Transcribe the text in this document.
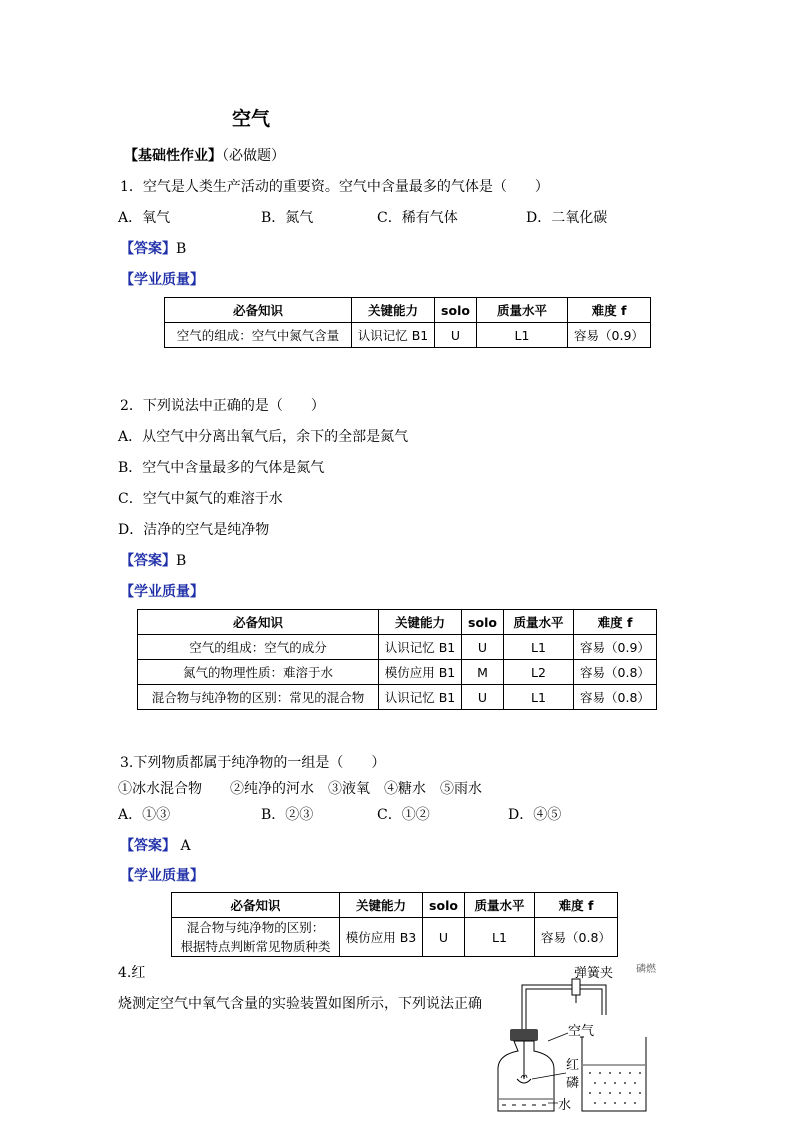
空气
【基础性作业】（必做题）
1．空气是人类生产活动的重要资。空气中含量最多的气体是（　　）
A．氧气	B．氮气	C．稀有气体	D．二氧化碳
【答案】B
【学业质量】
必备知识	关键能力	solo	质量水平	难度 f
空气的组成：空气中氮气含量	认识记忆 B1	U	L1	容易（0.9）
2．下列说法中正确的是（　　）
A．从空气中分离出氧气后，余下的全部是氮气
B．空气中含量最多的气体是氮气
C．空气中氮气的难溶于水
D．洁净的空气是纯净物
【答案】B
【学业质量】
必备知识	关键能力	solo	质量水平	难度 f
空气的组成：空气的成分	认识记忆 B1	U	L1	容易（0.9）
氮气的物理性质：难溶于水	模仿应用 B1	M	L2	容易（0.8）
混合物与纯净物的区别：常见的混合物	认识记忆 B1	U	L1	容易（0.8）
3.下列物质都属于纯净物的一组是（　　）
①冰水混合物　　②纯净的河水　③液氧　④糖水　⑤雨水
A．①③	B．②③	C．①②	D．④⑤
【答案】 A
【学业质量】
必备知识	关键能力	solo	质量水平	难度 f
混合物与纯净物的区别：
根据特点判断常见物质种类	模仿应用 B3	U	L1	容易（0.8）
4.红	磷燃
烧测定空气中氧气含量的实验装置如图所示，下列说法正确
弹簧夹
空气
红
磷
水
